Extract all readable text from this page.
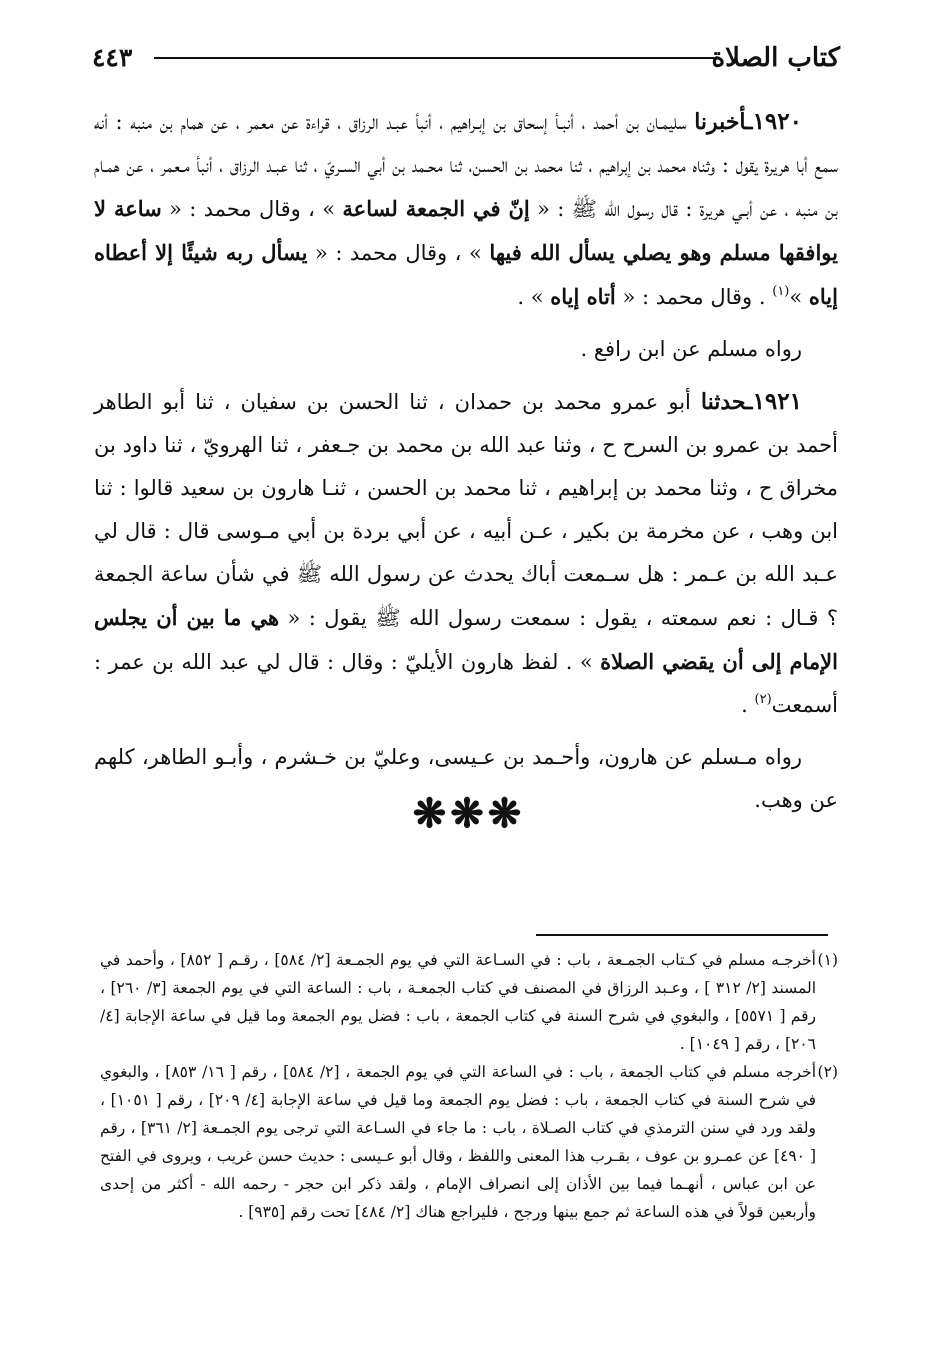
كتاب الصلاة
٤٤٣

١٩٢٠ـأخبرنا سليمـان بن أحمد ، أنبـأ إسحاق بن إبـراهيم ، أنبأ عبـد الرزاق ، قراءة عن معمر ، عن همام بن منبه : أنه سمع أبا هريرة يقول : وثناه محمد بن إبراهيم ، ثنا محمد بن الحسن، ثنا محـمد بن أبي السـريّ ، ثنا عبـد الرزاق ، أنبأ مـعمر ، عن همـام بن منبه ، عن أبـي هريرة : قال رسول الله ﷺ : « إنّ في الجمعة لساعة » ، وقال محمد : « ساعة لا يوافقها مسلم وهو يصلي يسأل الله فيها » ، وقال محمد : « يسأل ربه شيئًا إلا أعطاه إياه »$^{(١)}$ . وقال محمد : « أتاه إياه » .

رواه مسلم عن ابن رافع .

١٩٢١ـحدثنا أبو عمرو محمد بن حمدان ، ثنا الحسن بن سفيان ، ثنا أبو الطاهر أحمد بن عمرو بن السرح ح ، وثنا عبد الله بن محمد بن جـعفر ، ثنا الهرويّ ، ثنا داود بن مخراق ح ، وثنا محمد بن إبراهيم ، ثنا محمد بن الحسن ، ثنـا هارون بن سعيد قالوا : ثنا ابن وهب ، عن مخرمة بن بكير ، عـن أبيه ، عن أبي بردة بن أبي مـوسى قال : قال لي عـبد الله بن عـمر : هل سـمعت أباك يحدث عن رسول الله ﷺ في شأن ساعة الجمعة ؟ قـال : نعم سمعته ، يقول : سمعت رسول الله ﷺ يقول : « هي ما بين أن يجلس الإمام إلى أن يقضي الصلاة » . لفظ هارون الأيليّ : وقال : قال لي عبد الله بن عمر : أسمعت$^{(٢)}$ .

رواه مـسلم عن هارون، وأحـمد بن عـيسى، وعليّ بن خـشرم ، وأبـو الطاهر، كلهم عن وهب.

❋❋❋

(١)
أخرجـه مسلم في كـتاب الجمـعة ، باب : في السـاعة التي في يوم الجمـعة [٢/ ٥٨٤] ، رقـم [ ٨٥٢] ، وأحمد في المسند [٢/ ٣١٢ ] ، وعـبد الرزاق في المصنف في كتاب الجمعـة ، باب : الساعة التي في يوم الجمعة [٣/ ٢٦٠] ، رقم [ ٥٥٧١] ، والبغوي في شرح السنة في كتاب الجمعة ، باب : فضل يوم الجمعة وما قيل في ساعة الإجابة [٤/ ٢٠٦] ، رقم [ ١٠٤٩] .

(٢)
أخرجه مسلم في كتاب الجمعة ، باب : في الساعة التي في يوم الجمعة ، [٢/ ٥٨٤] ، رقم [ ١٦/ ٨٥٣] ، والبغوي في شرح السنة في كتاب الجمعة ، باب : فضل يوم الجمعة وما قيل في ساعة الإجابة [٤/ ٢٠٩] ، رقم [ ١٠٥١] ، ولقد ورد في سنن الترمذي في كتاب الصـلاة ، باب : ما جاء في السـاعة التي ترجى يوم الجمـعة [٢/ ٣٦١] ، رقم [ ٤٩٠] عن عمـرو بن عوف ، بقـرب هذا المعنى واللفظ ، وقال أبو عـيسى : حديث حسن غريب ، ويروى في الفتح عن ابن عباس ، أنهـما فيما بين الأذان إلى انصراف الإمام ، ولقد ذكر ابن حجر - رحمه الله - أكثر من إحدى وأربعين قولاً في هذه الساعة ثم جمع بينها ورجح ، فليراجع هناك [٢/ ٤٨٤] تحت رقم [٩٣٥] .
